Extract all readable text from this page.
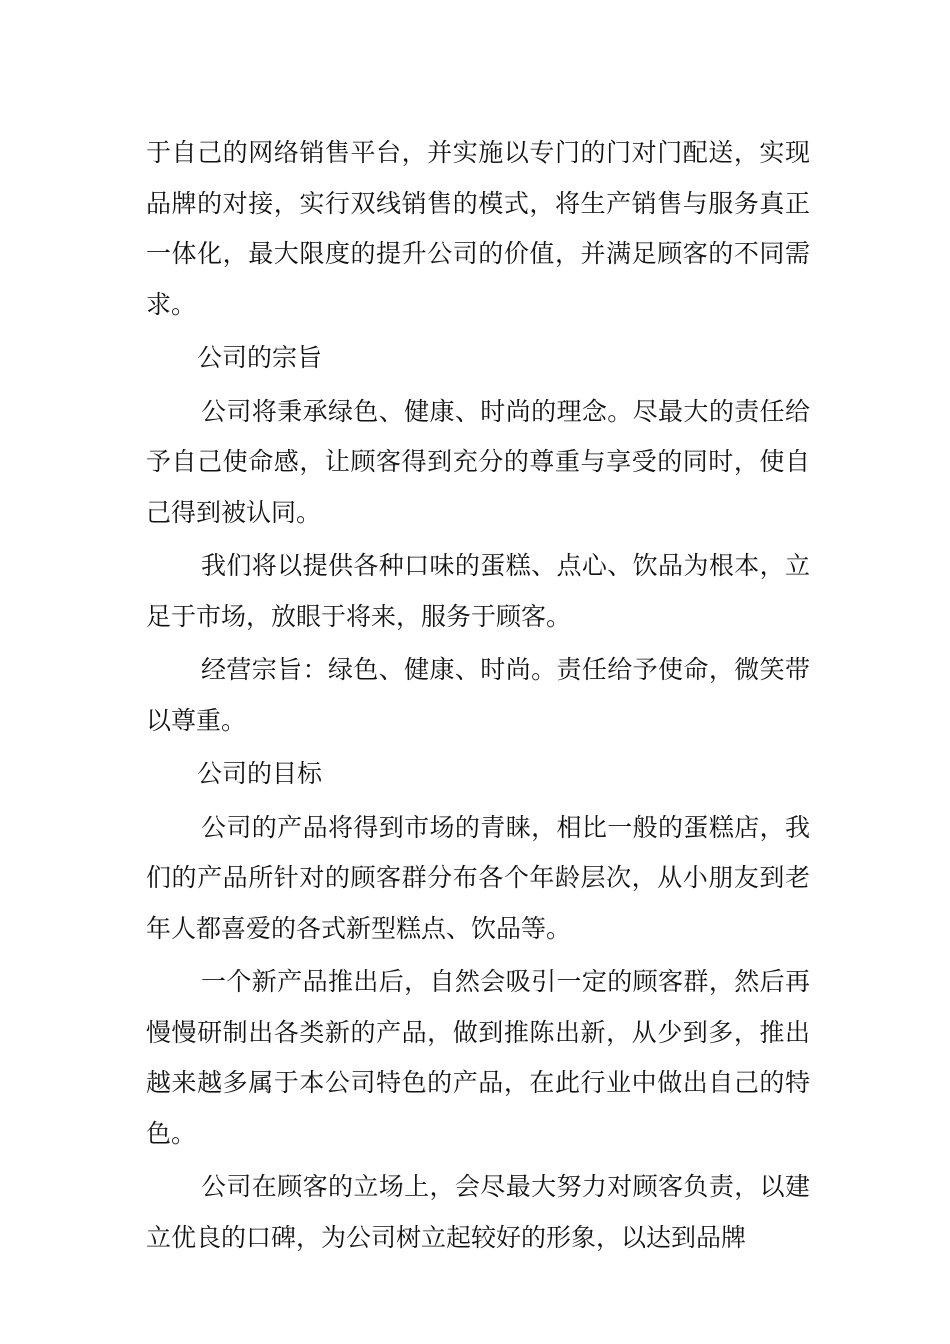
于自己的网络销售平台，并实施以专门的门对门配送，实现品牌的对接，实行双线销售的模式，将生产销售与服务真正一体化，最大限度的提升公司的价值，并满足顾客的不同需求。

公司的宗旨

公司将秉承绿色、健康、时尚的理念。尽最大的责任给予自己使命感，让顾客得到充分的尊重与享受的同时，使自己得到被认同。

我们将以提供各种口味的蛋糕、点心、饮品为根本，立足于市场，放眼于将来，服务于顾客。

经营宗旨：绿色、健康、时尚。责任给予使命，微笑带以尊重。

公司的目标

公司的产品将得到市场的青睐，相比一般的蛋糕店，我们的产品所针对的顾客群分布各个年龄层次，从小朋友到老年人都喜爱的各式新型糕点、饮品等。

一个新产品推出后，自然会吸引一定的顾客群，然后再慢慢研制出各类新的产品，做到推陈出新，从少到多，推出越来越多属于本公司特色的产品，在此行业中做出自己的特色。

公司在顾客的立场上，会尽最大努力对顾客负责，以建立优良的口碑，为公司树立起较好的形象，以达到品牌
